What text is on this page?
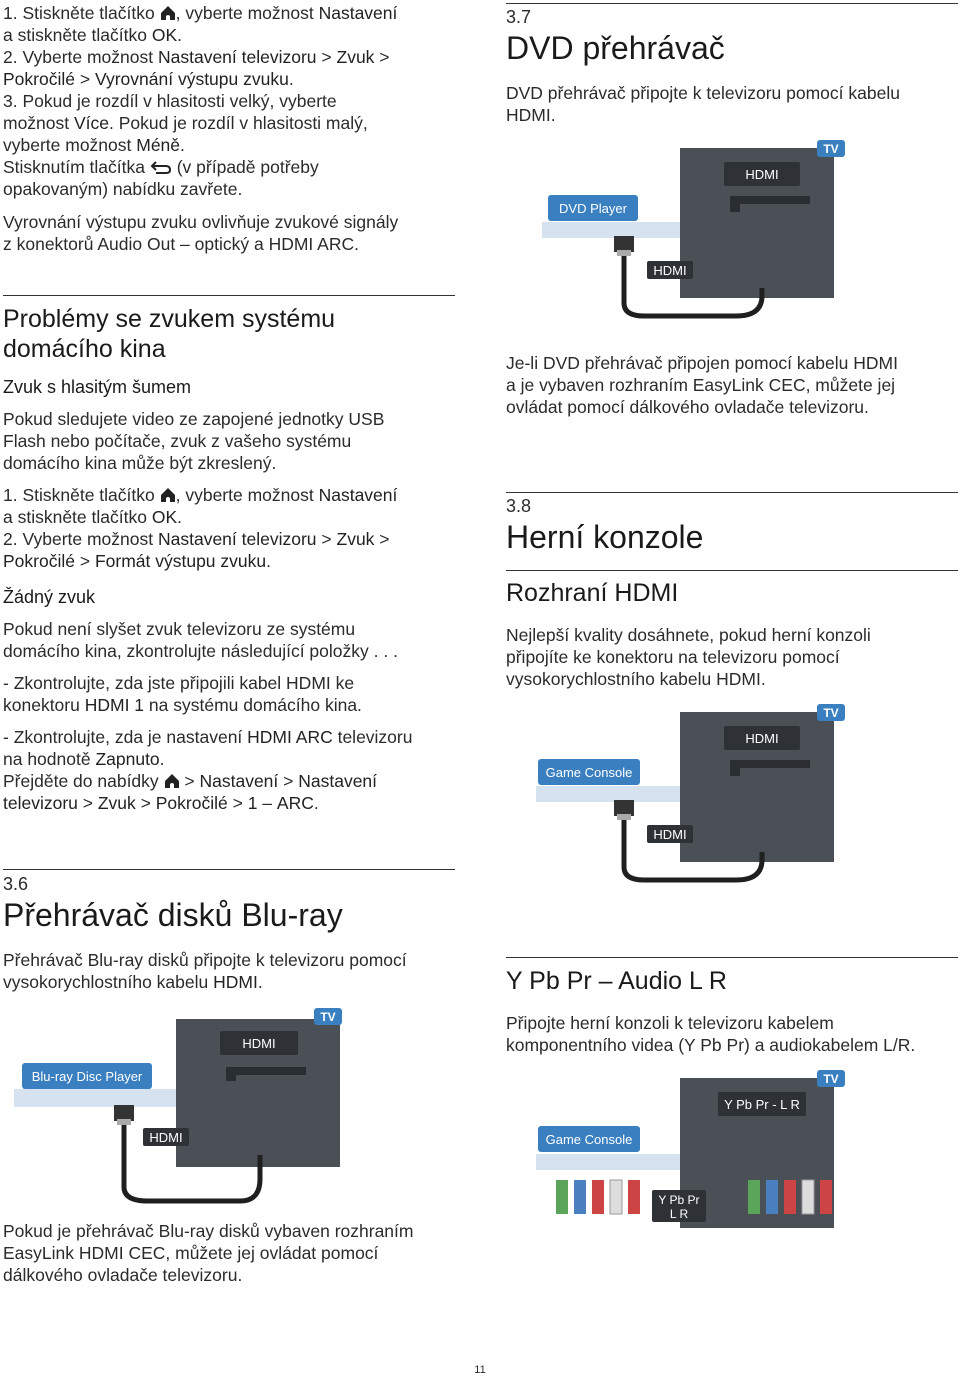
1. Stiskněte tlačítko , vyberte možnost Nastavení

a stiskněte tlačítko OK.

2. Vyberte možnost Nastavení televizoru > Zvuk >

Pokročilé > Vyrovnání výstupu zvuku.

3. Pokud je rozdíl v hlasitosti velký, vyberte

možnost Více. Pokud je rozdíl v hlasitosti malý,

vyberte možnost Méně.

Stisknutím tlačítka  (v případě potřeby

opakovaným) nabídku zavřete.

Vyrovnání výstupu zvuku ovlivňuje zvukové signály

z konektorů Audio Out – optický a HDMI ARC.

Problémy se zvukem systému
domácího kina
Zvuk s hlasitým šumem

Pokud sledujete video ze zapojené jednotky USB

Flash nebo počítače, zvuk z vašeho systému

domácího kina může být zkreslený.

1. Stiskněte tlačítko , vyberte možnost Nastavení

a stiskněte tlačítko OK.

2. Vyberte možnost Nastavení televizoru > Zvuk >

Pokročilé > Formát výstupu zvuku.

Žádný zvuk

Pokud není slyšet zvuk televizoru ze systému

domácího kina, zkontrolujte následující položky . . .

- Zkontrolujte, zda jste připojili kabel HDMI ke

konektoru HDMI 1 na systému domácího kina.

- Zkontrolujte, zda je nastavení HDMI ARC televizoru

na hodnotě Zapnuto.

Přejděte do nabídky  > Nastavení > Nastavení

televizoru > Zvuk > Pokročilé > 1 – ARC.

3.6
Přehrávač disků Blu-ray

Přehrávač Blu-ray disků připojte k televizoru pomocí

vysokorychlostního kabelu HDMI.

HDMI
TV
Blu-ray Disc Player
HDMI

Pokud je přehrávač Blu-ray disků vybaven rozhraním

EasyLink HDMI CEC, můžete jej ovládat pomocí

dálkového ovladače televizoru.

3.7
DVD přehrávač

DVD přehrávač připojte k televizoru pomocí kabelu

HDMI.

HDMI
TV
DVD Player
HDMI

Je-li DVD přehrávač připojen pomocí kabelu HDMI

a je vybaven rozhraním EasyLink CEC, můžete jej

ovládat pomocí dálkového ovladače televizoru.

3.8
Herní konzole
Rozhraní HDMI

Nejlepší kvality dosáhnete, pokud herní konzoli

připojíte ke konektoru na televizoru pomocí

vysokorychlostního kabelu HDMI.

HDMI
TV
Game Console
HDMI
Y Pb Pr – Audio L R

Připojte herní konzoli k televizoru kabelem

komponentního videa (Y Pb Pr) a audiokabelem L/R.

Y Pb Pr - L R
TV
Game Console
Y Pb Pr
L R
11
